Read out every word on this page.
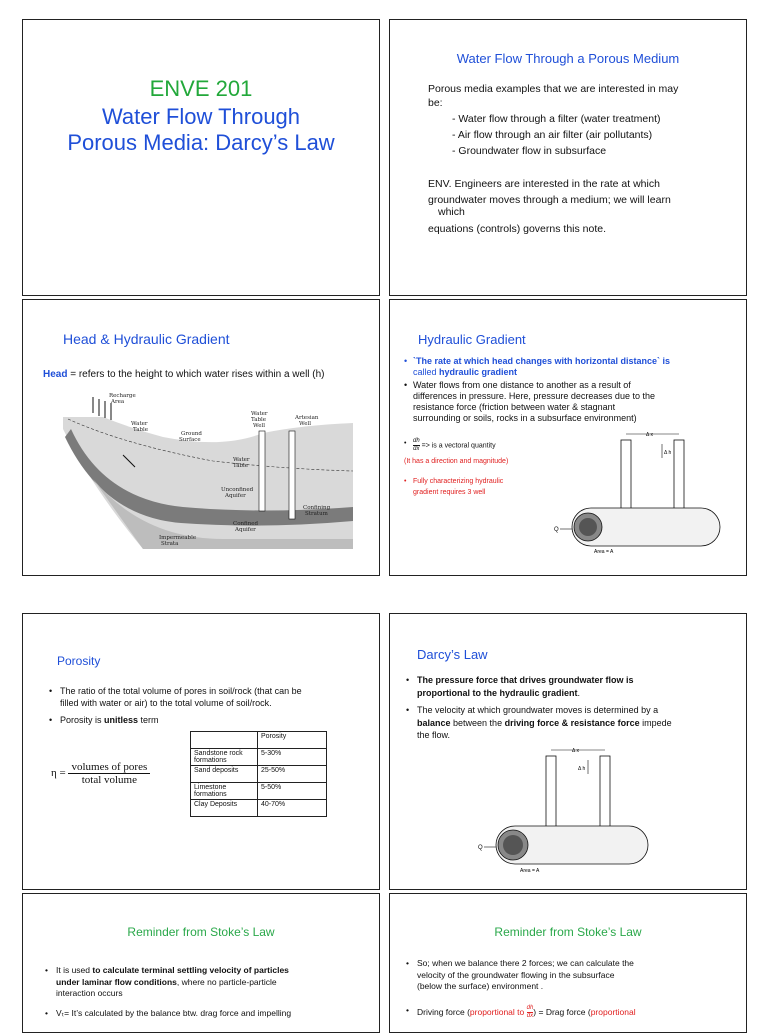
ENVE 201
Water Flow Through
Porous Media: Darcy’s Law
Water Flow Through a Porous Medium
Porous media examples that we are interested in may
be:
- Water flow through a filter (water treatment)
- Air flow through an air filter (air pollutants)
- Groundwater flow in subsurface
ENV. Engineers are interested in the rate at which
groundwater moves through a medium; we will learn
which
equations (controls) governs this note.
Head & Hydraulic Gradient
Head = refers to the height to which water rises within a well (h)
Recharge
Area
Water
Table
Ground
Surface
Water
Table
Well
Artesian
Well
Water
Table
Unconfined
Aquifer
Confined
Aquifer
Confining
Stratum
Impermeable
Strata
Hydraulic Gradient
• `The rate at which head changes with horizontal distance` is
called hydraulic gradient
• Water flows from one distance to another as a result of
differences in pressure. Here, pressure decreases due to the
resistance force (friction between water & stagnant
surrounding or soils, rocks in a subsurface environment)
• $\frac{dh}{dx}$ => is a vectoral quantity
(It has a direction and magnitude)
• Fully characterizing hydraulic
gradient requires 3 well
Δ x
Δ h
Q
Area = A
Porosity
• The ratio of the total volume of pores in soil/rock (that can be
filled with water or air) to the total volume of soil/rock.
• Porosity is unitless term
$\eta = \frac{\text{volumes of pores}}{\text{total volume}}$
	Porosity
Sandstone rock formations	5-30%
Sand deposits	25-50%
Limestone formations	5-50%
Clay Deposits	40-70%
Darcy’s Law
• The pressure force that drives groundwater flow is
proportional to the hydraulic gradient.
• The velocity at which groundwater moves is determined by a
balance between the driving force & resistance force impede
the flow.
Δ x
Δ h
Q
Area = A
Reminder from Stoke’s Law
• It is used to calculate terminal settling velocity of particles
under laminar flow conditions, where no particle-particle
interaction occurs
• Vₜ= It’s calculated by the balance btw. drag force and impelling
Reminder from Stoke’s Law
• So; when we balance there 2 forces; we can calculate the
velocity of the groundwater flowing in the subsurface
(below the surface) environment .
• Driving force (proportional to $\frac{dh}{dx}$) = Drag force (proportional
